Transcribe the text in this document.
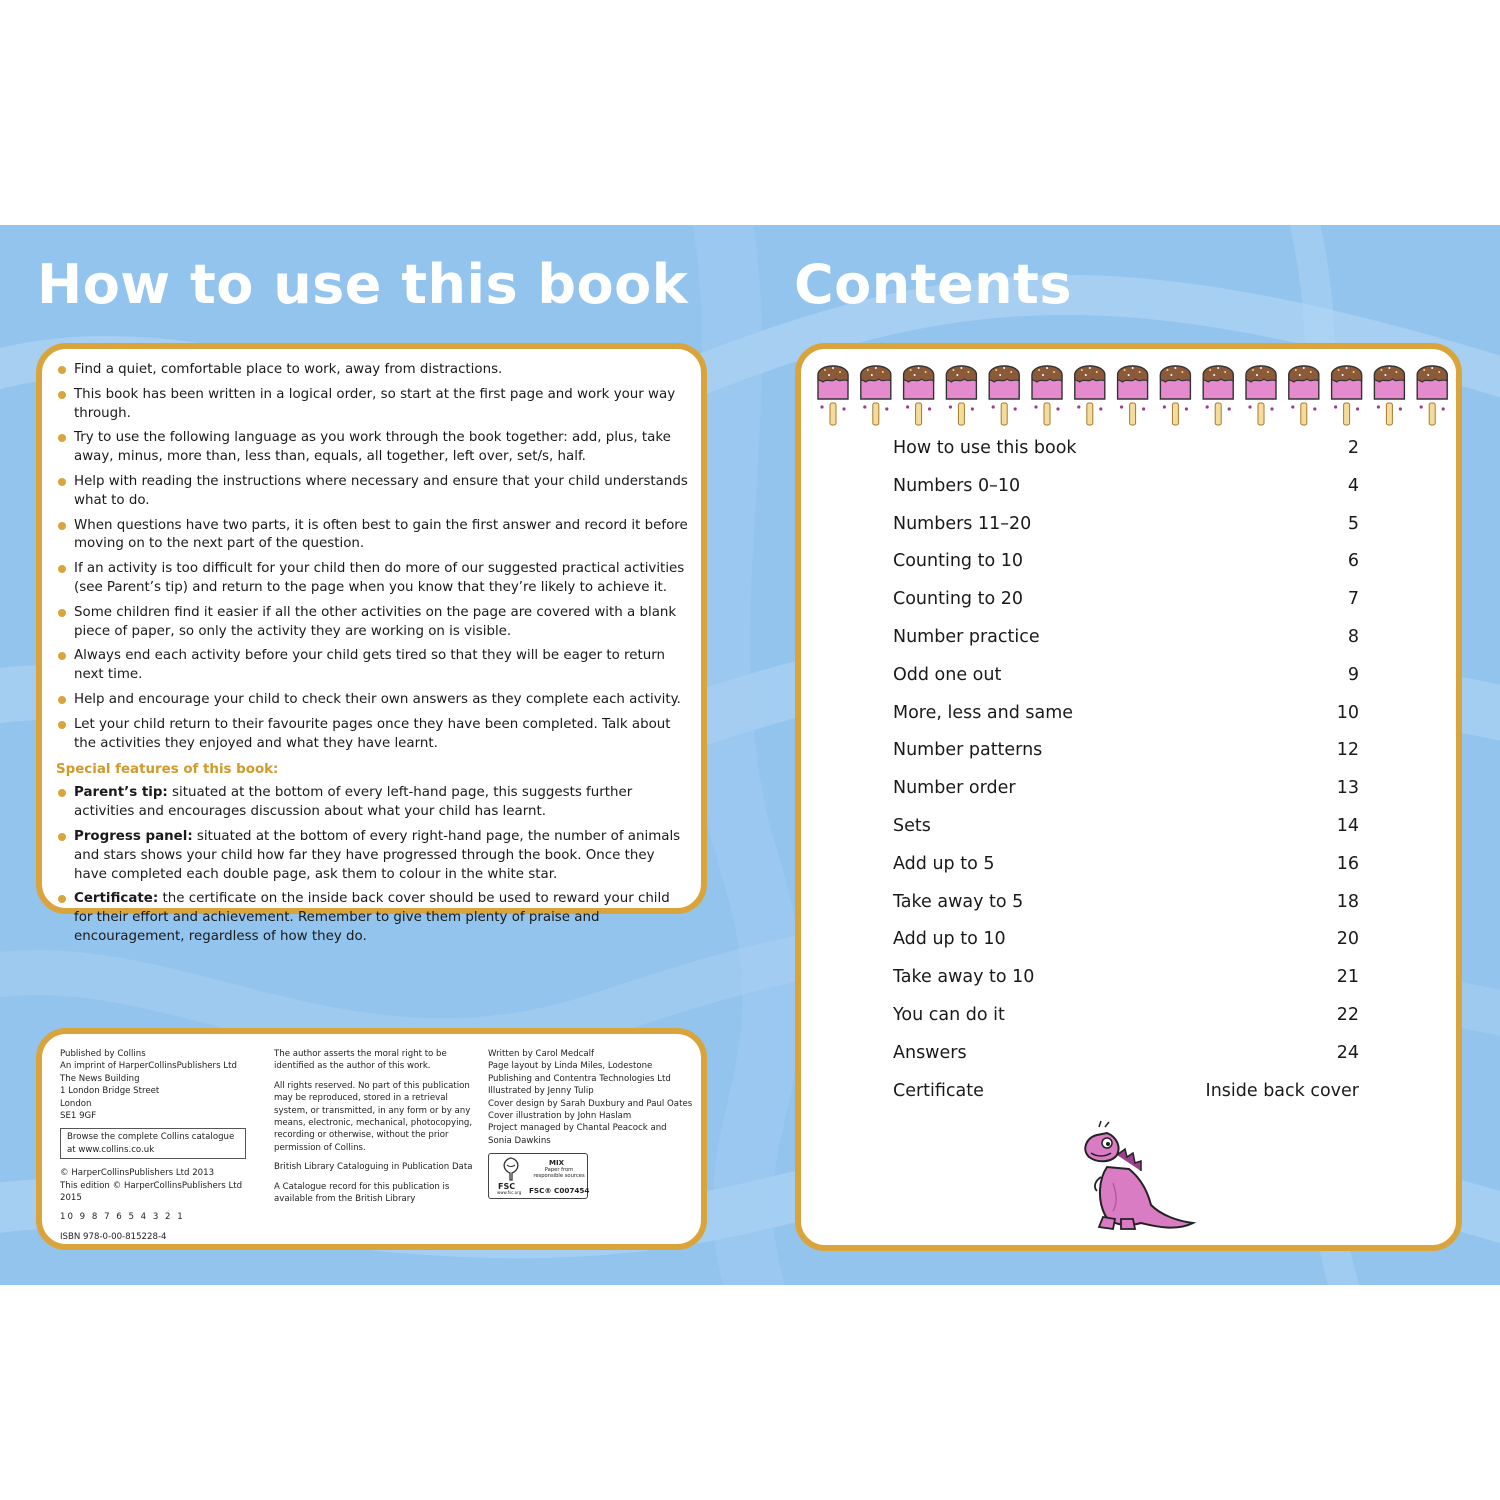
How to use this book Contents
Find a quiet, comfortable place to work, away from distractions.
This book has been written in a logical order, so start at the first page and work your way through.
Try to use the following language as you work through the book together: add, plus, take away, minus, more than, less than, equals, all together, left over, set/s, half.
Help with reading the instructions where necessary and ensure that your child understands what to do.
When questions have two parts, it is often best to gain the first answer and record it before moving on to the next part of the question.
If an activity is too difficult for your child then do more of our suggested practical activities (see Parent’s tip) and return to the page when you know that they’re likely to achieve it.
Some children find it easier if all the other activities on the page are covered with a blank piece of paper, so only the activity they are working on is visible.
Always end each activity before your child gets tired so that they will be eager to return next time.
Help and encourage your child to check their own answers as they complete each activity.
Let your child return to their favourite pages once they have been completed. Talk about the activities they enjoyed and what they have learnt.
Special features of this book:
Parent’s tip: situated at the bottom of every left-hand page, this suggests further activities and encourages discussion about what your child has learnt.
Progress panel: situated at the bottom of every right-hand page, the number of animals and stars shows your child how far they have progressed through the book. Once they have completed each double page, ask them to colour in the white star.
Certificate: the certificate on the inside back cover should be used to reward your child for their effort and achievement. Remember to give them plenty of praise and encouragement, regardless of how they do.

Published by Collins

An imprint of HarperCollinsPublishers Ltd

The News Building

1 London Bridge Street

London

SE1 9GF

Browse the complete Collins catalogue at www.collins.co.uk

© HarperCollinsPublishers Ltd 2013

This edition © HarperCollinsPublishers Ltd 2015

10 9 8 7 6 5 4 3 2 1

ISBN 978-0-00-815228-4

The author asserts the moral right to be identified as the author of this work.

All rights reserved. No part of this publication may be reproduced, stored in a retrieval system, or transmitted, in any form or by any means, electronic, mechanical, photocopying, recording or otherwise, without the prior permission of Collins.

British Library Cataloguing in Publication Data

A Catalogue record for this publication is available from the British Library

Written by Carol Medcalf

Page layout by Linda Miles, Lodestone Publishing and Contentra Technologies Ltd

Illustrated by Jenny Tulip

Cover design by Sarah Duxbury and Paul Oates

Cover illustration by John Haslam

Project managed by Chantal Peacock and Sonia Dawkins

FSC
www.fsc.org
MIX
Paper from responsible sources
FSC® C007454
How to use this book	2
Numbers 0–10	4
Numbers 11–20	5
Counting to 10	6
Counting to 20	7
Number practice	8
Odd one out	9
More, less and same	10
Number patterns	12
Number order	13
Sets	14
Add up to 5	16
Take away to 5	18
Add up to 10	20
Take away to 10	21
You can do it	22
Answers	24
Certificate	Inside back cover
